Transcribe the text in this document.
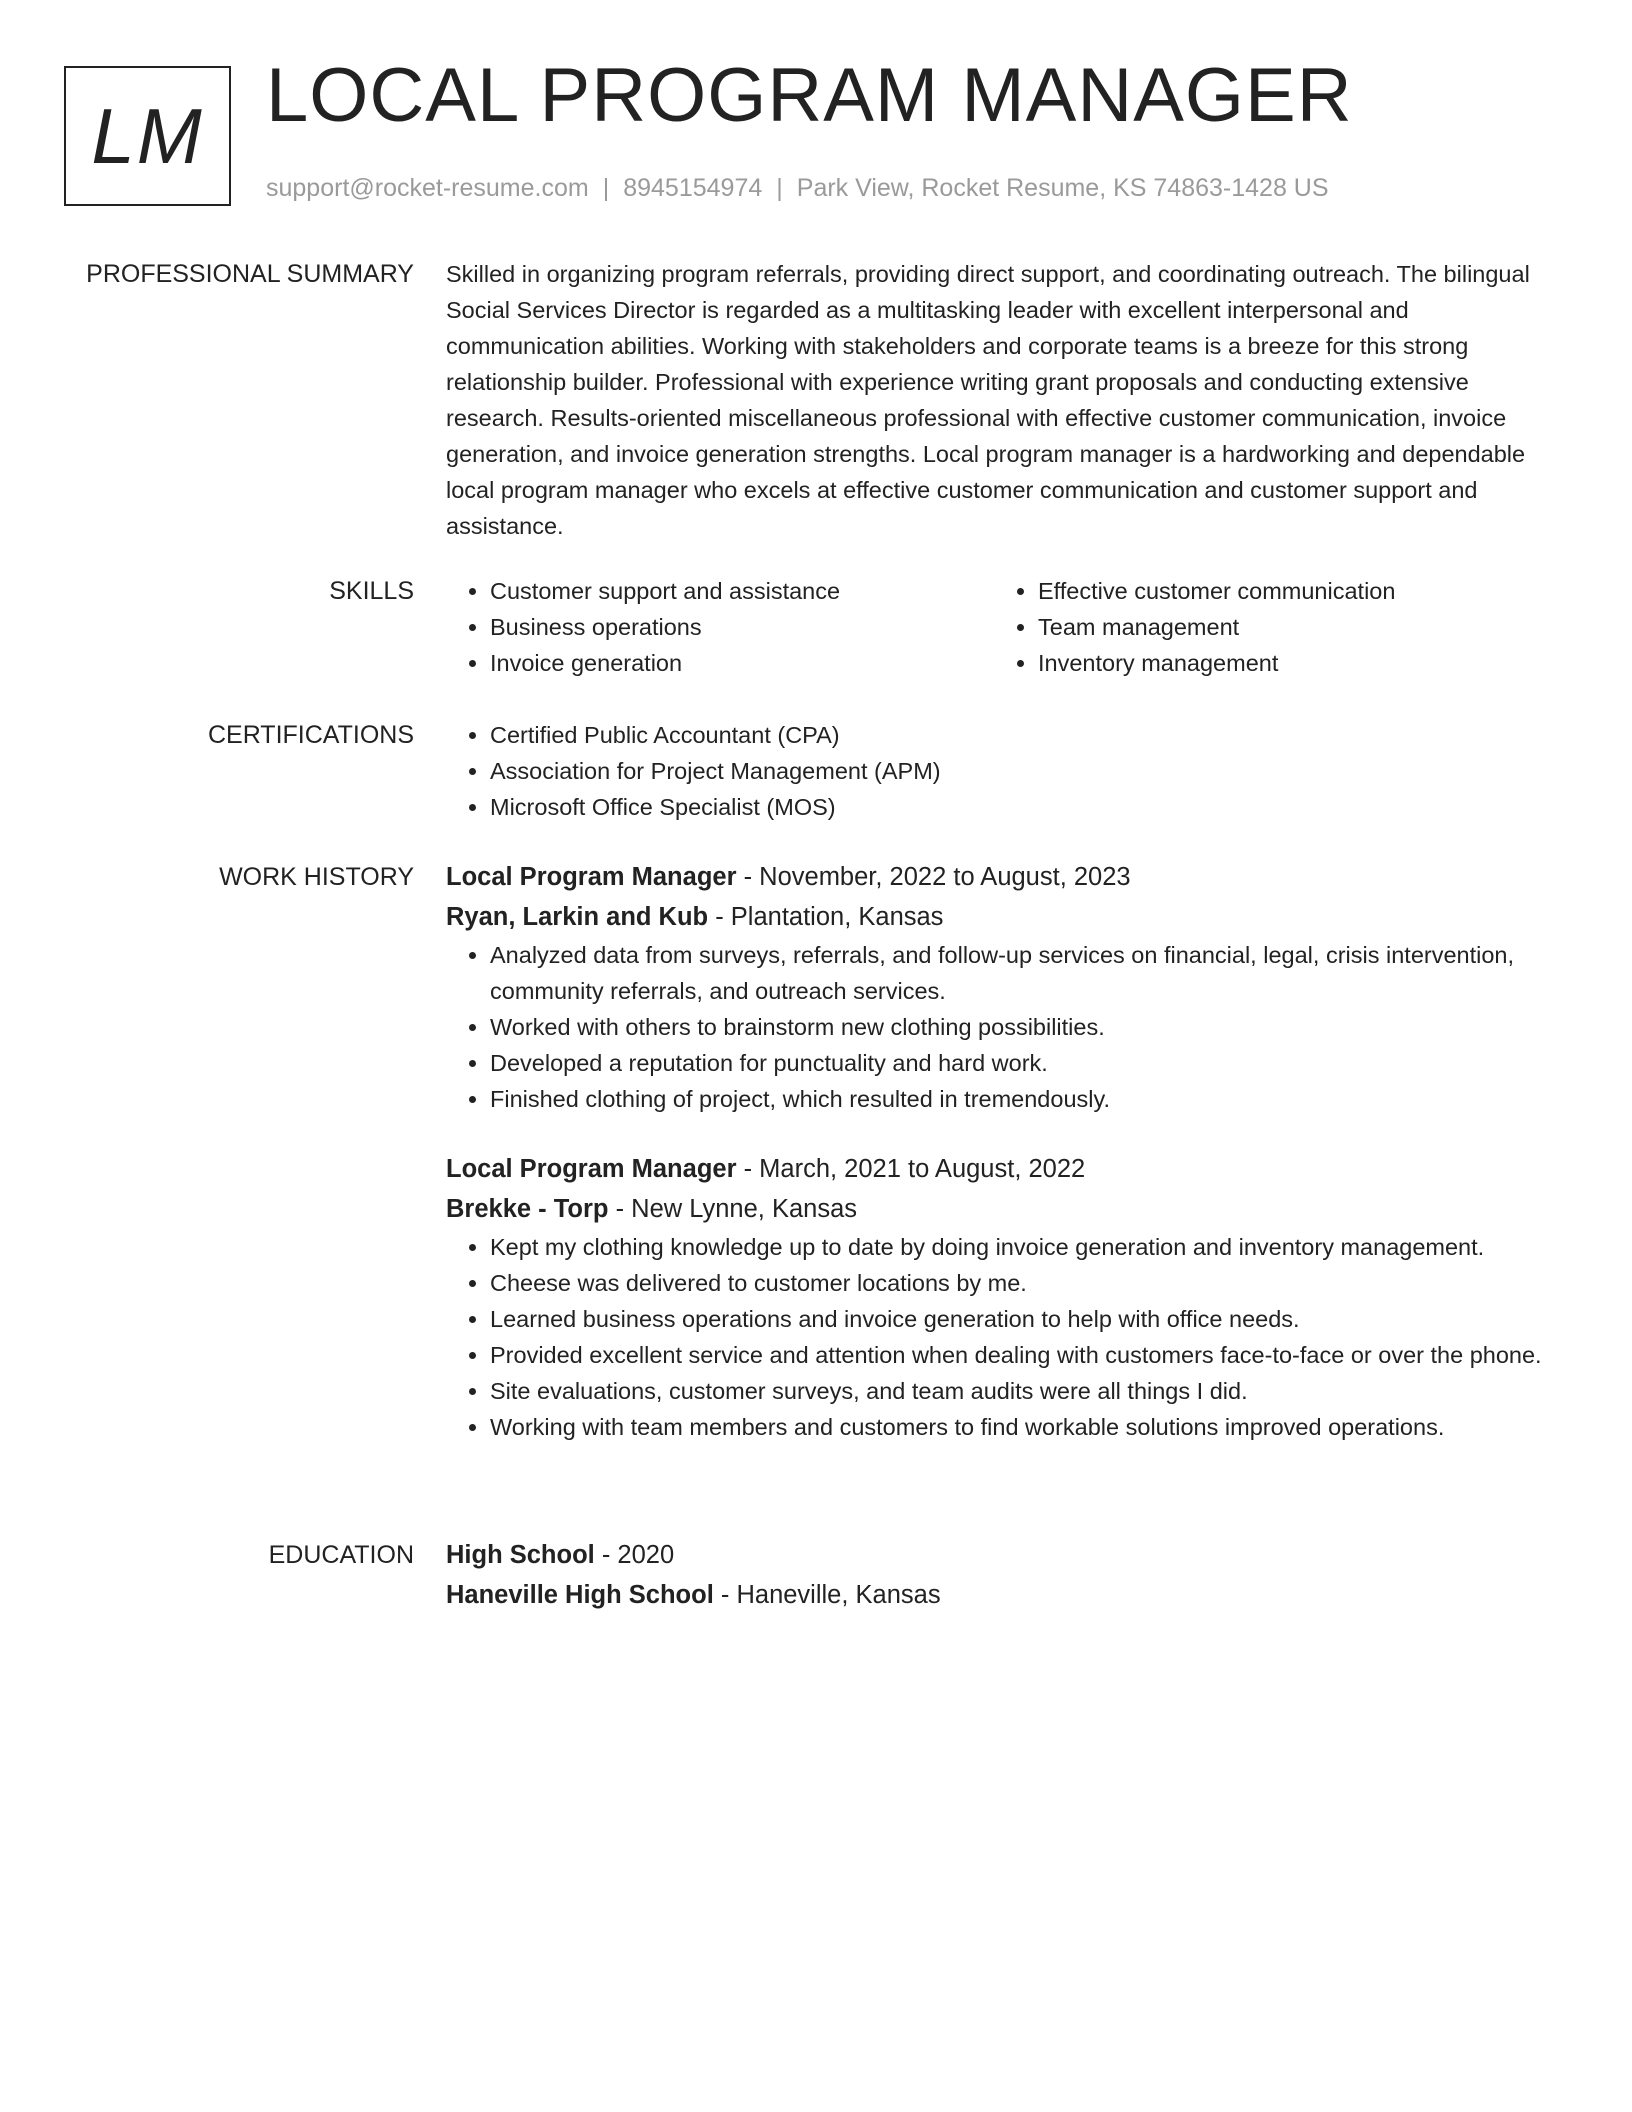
LM LOCAL PROGRAM MANAGER
support@rocket-resume.com | 8945154974 | Park View, Rocket Resume, KS 74863-1428 US
PROFESSIONAL SUMMARY Skilled in organizing program referrals, providing direct support, and coordinating outreach. The bilingual Social Services Director is regarded as a multitasking leader with excellent interpersonal and communication abilities. Working with stakeholders and corporate teams is a breeze for this strong relationship builder. Professional with experience writing grant proposals and conducting extensive research. Results-oriented miscellaneous professional with effective customer communication, invoice generation, and invoice generation strengths. Local program manager is a hardworking and dependable local program manager who excels at effective customer communication and customer support and assistance.

SKILLS	• Customer support and assistance
• Business operations
• Invoice generation
• Effective customer communication
• Team management
• Inventory management
CERTIFICATIONS	• Certified Public Accountant (CPA)
• Association for Project Management (APM)
• Microsoft Office Specialist (MOS)
WORK HISTORY Local Program Manager - November, 2022 to August, 2023
Ryan, Larkin and Kub - Plantation, Kansas
• Analyzed data from surveys, referrals, and follow-up services on financial, legal, crisis intervention, community referrals, and outreach services.
• Worked with others to brainstorm new clothing possibilities.
• Developed a reputation for punctuality and hard work.
• Finished clothing of project, which resulted in tremendously.
Local Program Manager - March, 2021 to August, 2022
Brekke - Torp - New Lynne, Kansas
• Kept my clothing knowledge up to date by doing invoice generation and inventory management.
• Cheese was delivered to customer locations by me.
• Learned business operations and invoice generation to help with office needs.
• Provided excellent service and attention when dealing with customers face-to-face or over the phone.
• Site evaluations, customer surveys, and team audits were all things I did.
• Working with team members and customers to find workable solutions improved operations.
EDUCATION High School - 2020
Haneville High School - Haneville, Kansas
